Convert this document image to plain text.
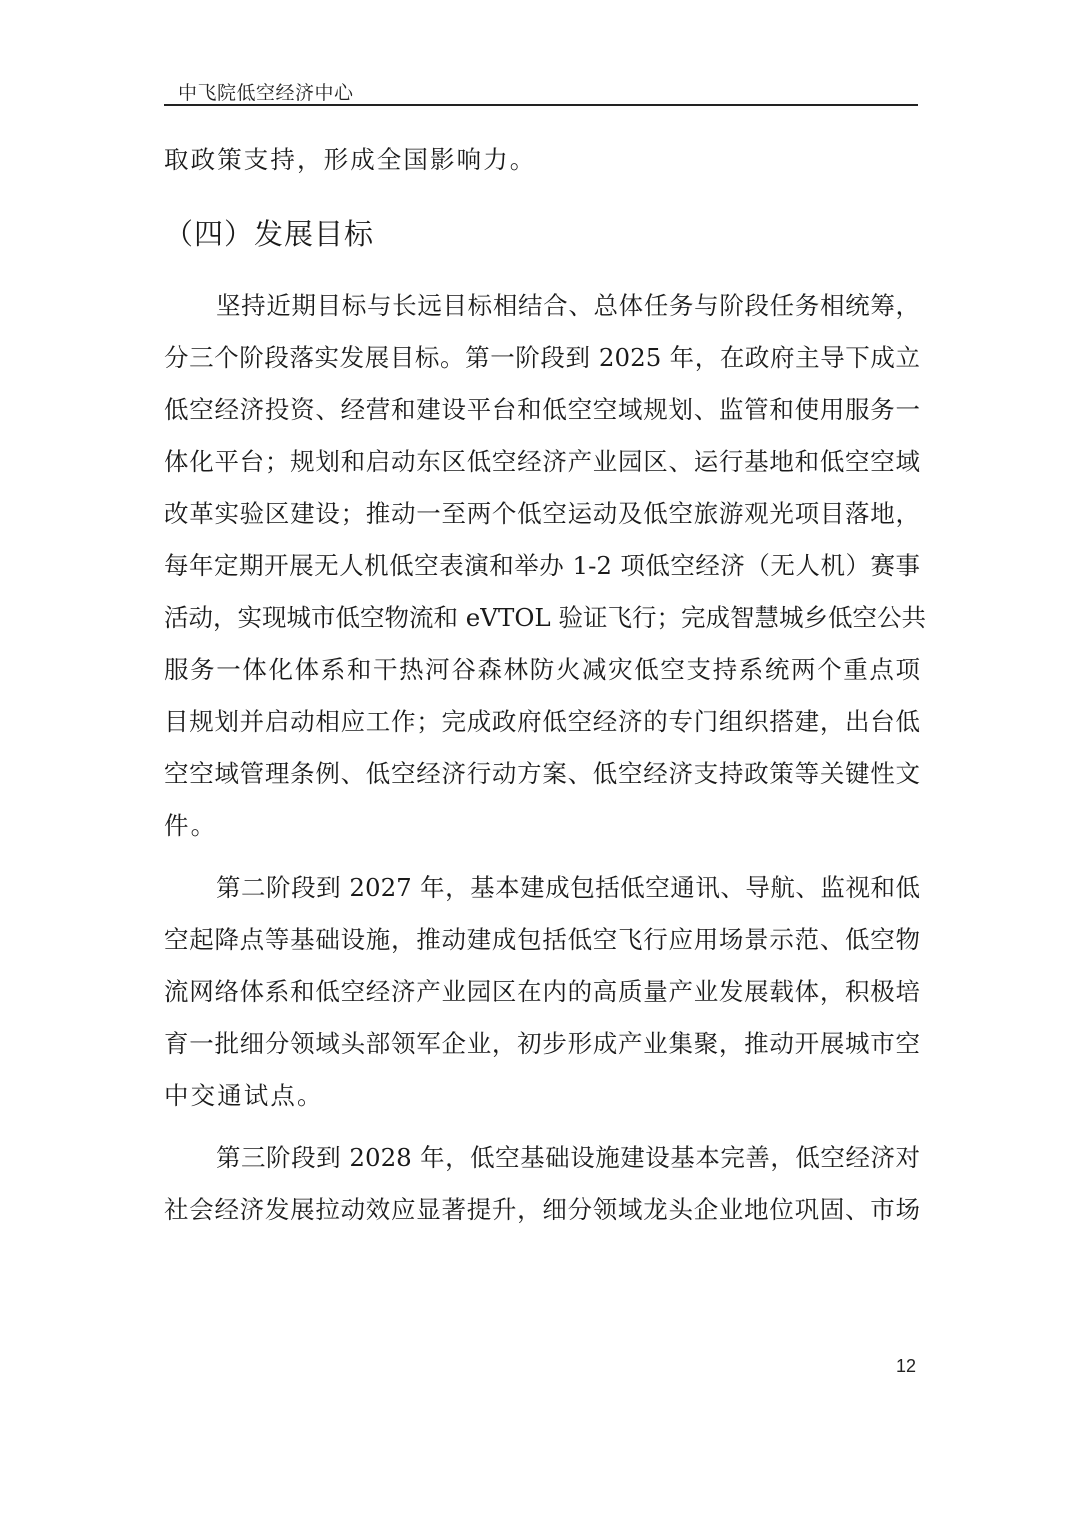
中飞院低空经济中心
取政策支持，形成全国影响力。
（四）发展目标
坚持近期目标与长远目标相结合、总体任务与阶段任务相统筹，
分三个阶段落实发展目标。第一阶段到 2025 年，在政府主导下成立
低空经济投资、经营和建设平台和低空空域规划、监管和使用服务一
体化平台；规划和启动东区低空经济产业园区、运行基地和低空空域
改革实验区建设；推动一至两个低空运动及低空旅游观光项目落地，
每年定期开展无人机低空表演和举办 1-2 项低空经济（无人机）赛事
活动，实现城市低空物流和 eVTOL 验证飞行；完成智慧城乡低空公共
服务一体化体系和干热河谷森林防火减灾低空支持系统两个重点项
目规划并启动相应工作；完成政府低空经济的专门组织搭建，出台低
空空域管理条例、低空经济行动方案、低空经济支持政策等关键性文
件。
第二阶段到 2027 年，基本建成包括低空通讯、导航、监视和低
空起降点等基础设施，推动建成包括低空飞行应用场景示范、低空物
流网络体系和低空经济产业园区在内的高质量产业发展载体，积极培
育一批细分领域头部领军企业，初步形成产业集聚，推动开展城市空
中交通试点。
第三阶段到 2028 年，低空基础设施建设基本完善，低空经济对
社会经济发展拉动效应显著提升，细分领域龙头企业地位巩固、市场
12
